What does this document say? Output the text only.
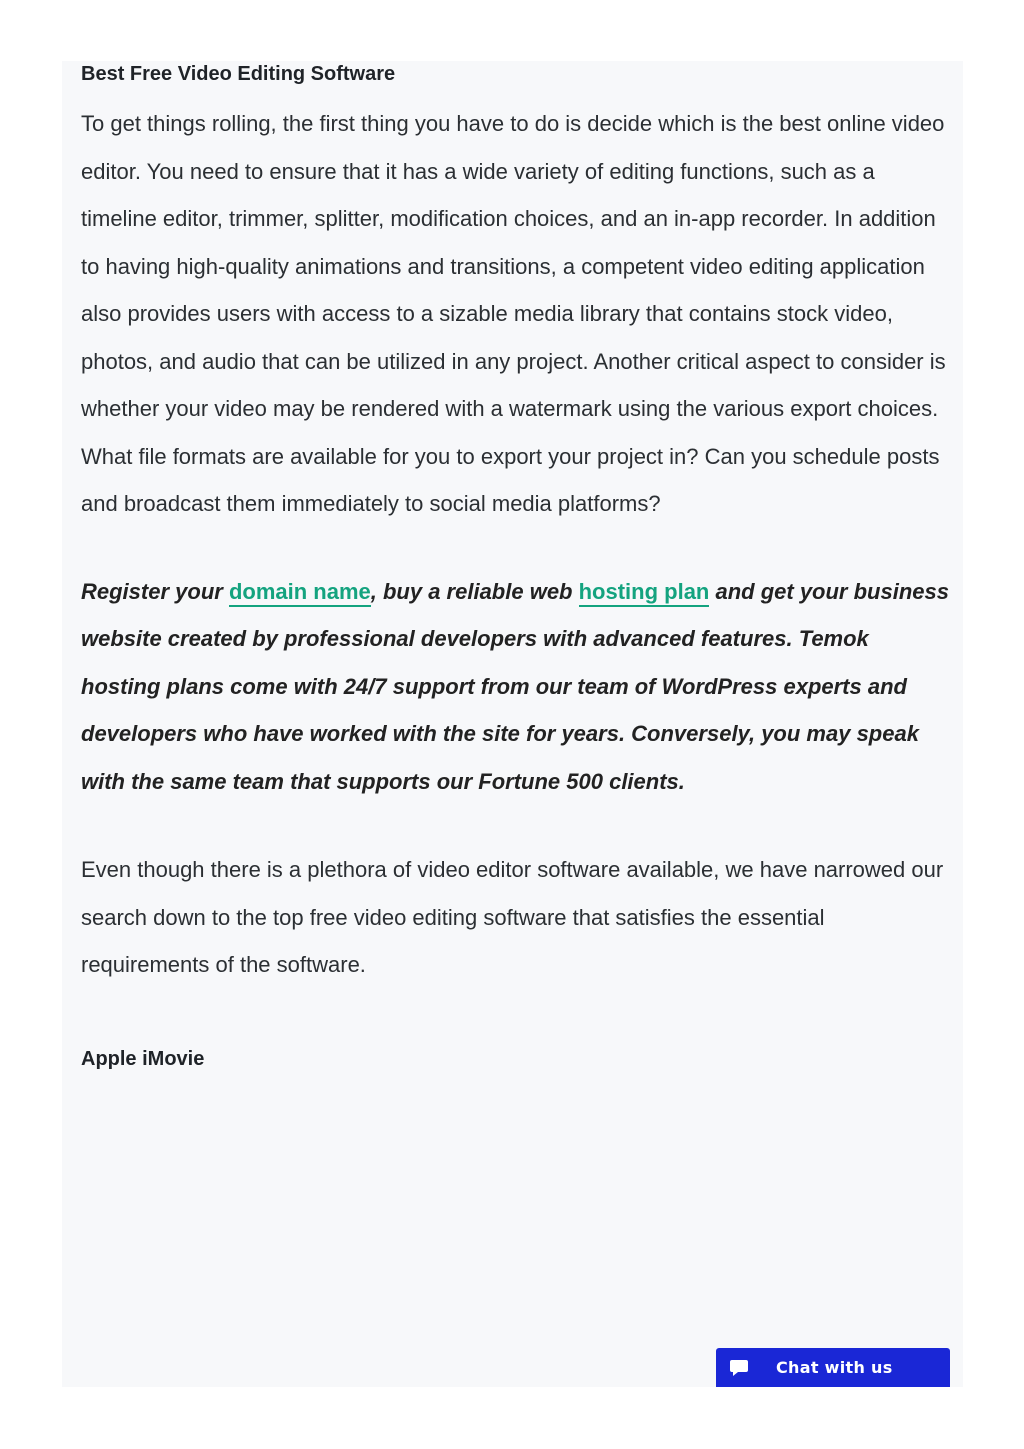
Best Free Video Editing Software

To get things rolling, the first thing you have to do is decide which is the best online video editor. You need to ensure that it has a wide variety of editing functions, such as a timeline editor, trimmer, splitter, modification choices, and an in-app recorder. In addition to having high-quality animations and transitions, a competent video editing application also provides users with access to a sizable media library that contains stock video, photos, and audio that can be utilized in any project. Another critical aspect to consider is whether your video may be rendered with a watermark using the various export choices. What file formats are available for you to export your project in? Can you schedule posts and broadcast them immediately to social media platforms?

Register your domain name, buy a reliable web hosting plan and get your business website created by professional developers with advanced features. Temok hosting plans come with 24/7 support from our team of WordPress experts and developers who have worked with the site for years. Conversely, you may speak with the same team that supports our Fortune 500 clients.

Even though there is a plethora of video editor software available, we have narrowed our search down to the top free video editing software that satisfies the essential requirements of the software.

Apple iMovie
Chat with us
